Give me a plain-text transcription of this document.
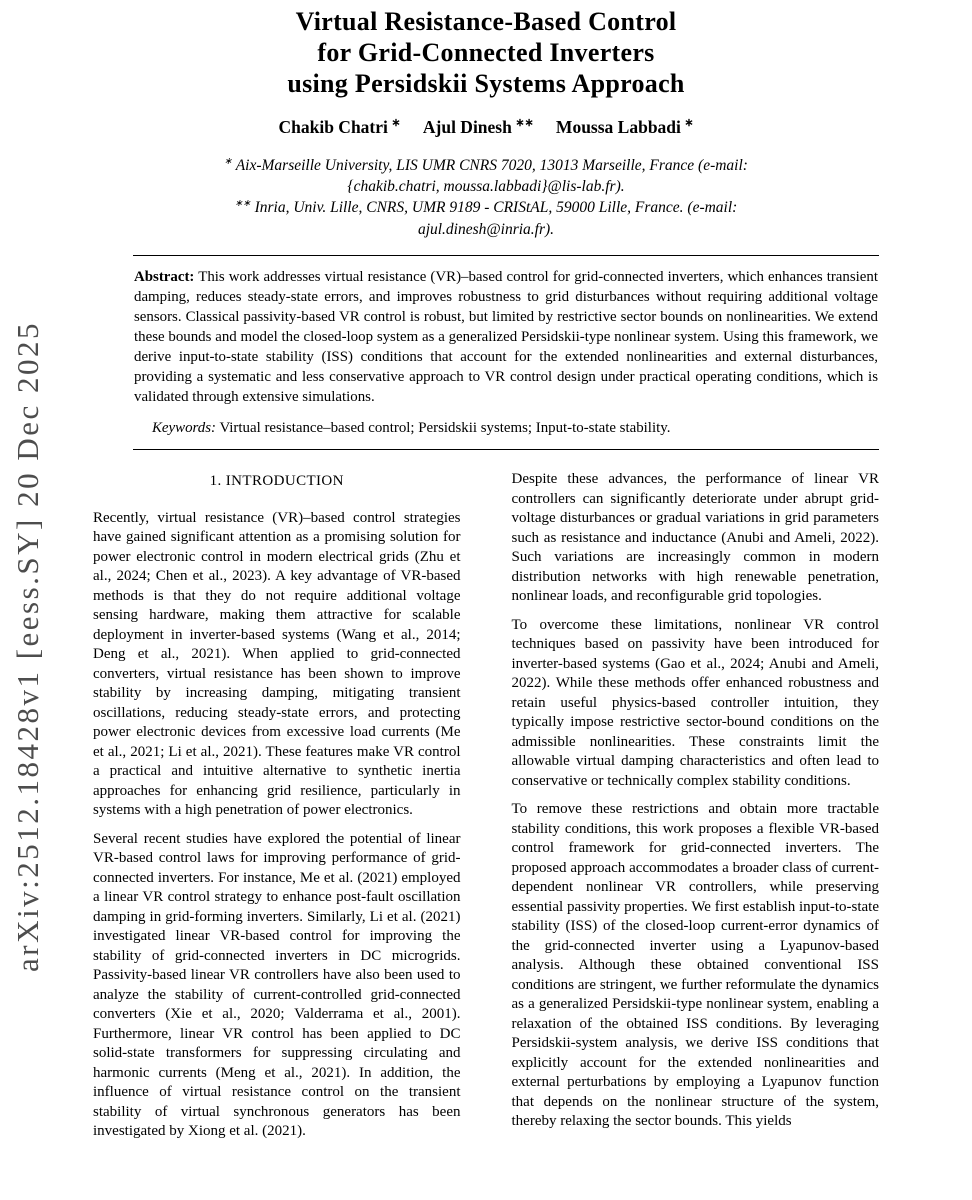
arXiv:2512.18428v1 [eess.SY] 20 Dec 2025
Virtual Resistance-Based Control
for Grid-Connected Inverters
using Persidskii Systems Approach
Chakib Chatri  ∗ Ajul Dinesh  ∗∗ Moussa Labbadi  ∗
∗ Aix-Marseille University, LIS UMR CNRS 7020, 13013 Marseille, France (e-mail: {chakib.chatri, moussa.labbadi}@lis-lab.fr).
∗∗ Inria, Univ. Lille, CNRS, UMR 9189 - CRIStAL, 59000 Lille, France. (e-mail: ajul.dinesh@inria.fr).

Abstract: This work addresses virtual resistance (VR)–based control for grid-connected inverters, which enhances transient damping, reduces steady-state errors, and improves robustness to grid disturbances without requiring additional voltage sensors. Classical passivity-based VR control is robust, but limited by restrictive sector bounds on nonlinearities. We extend these bounds and model the closed-loop system as a generalized Persidskii-type nonlinear system. Using this framework, we derive input-to-state stability (ISS) conditions that account for the extended nonlinearities and external disturbances, providing a systematic and less conservative approach to VR control design under practical operating conditions, which is validated through extensive simulations.

Keywords: Virtual resistance–based control; Persidskii systems; Input-to-state stability.

1. INTRODUCTION

Recently, virtual resistance (VR)–based control strategies have gained significant attention as a promising solution for power electronic control in modern electrical grids (Zhu et al., 2024; Chen et al., 2023). A key advantage of VR-based methods is that they do not require additional voltage sensing hardware, making them attractive for scalable deployment in inverter-based systems (Wang et al., 2014; Deng et al., 2021). When applied to grid-connected converters, virtual resistance has been shown to improve stability by increasing damping, mitigating transient oscillations, reducing steady-state errors, and protecting power electronic devices from excessive load currents (Me et al., 2021; Li et al., 2021). These features make VR control a practical and intuitive alternative to synthetic inertia approaches for enhancing grid resilience, particularly in systems with a high penetration of power electronics.

Several recent studies have explored the potential of linear VR-based control laws for improving performance of grid-connected inverters. For instance, Me et al. (2021) employed a linear VR control strategy to enhance post-fault oscillation damping in grid-forming inverters. Similarly, Li et al. (2021) investigated linear VR-based control for improving the stability of grid-connected inverters in DC microgrids. Passivity-based linear VR controllers have also been used to analyze the stability of current-controlled grid-connected converters (Xie et al., 2020; Valderrama et al., 2001). Furthermore, linear VR control has been applied to DC solid-state transformers for suppressing circulating and harmonic currents (Meng et al., 2021). In addition, the influence of virtual resistance control on the transient stability of virtual synchronous generators has been investigated by Xiong et al. (2021).

Despite these advances, the performance of linear VR controllers can significantly deteriorate under abrupt grid-voltage disturbances or gradual variations in grid parameters such as resistance and inductance (Anubi and Ameli, 2022). Such variations are increasingly common in modern distribution networks with high renewable penetration, nonlinear loads, and reconfigurable grid topologies.

To overcome these limitations, nonlinear VR control techniques based on passivity have been introduced for inverter-based systems (Gao et al., 2024; Anubi and Ameli, 2022). While these methods offer enhanced robustness and retain useful physics-based controller intuition, they typically impose restrictive sector-bound conditions on the admissible nonlinearities. These constraints limit the allowable virtual damping characteristics and often lead to conservative or technically complex stability conditions.

To remove these restrictions and obtain more tractable stability conditions, this work proposes a flexible VR-based control framework for grid-connected inverters. The proposed approach accommodates a broader class of current-dependent nonlinear VR controllers, while preserving essential passivity properties. We first establish input-to-state stability (ISS) of the closed-loop current-error dynamics of the grid-connected inverter using a Lyapunov-based analysis. Although these obtained conventional ISS conditions are stringent, we further reformulate the dynamics as a generalized Persidskii-type nonlinear system, enabling a relaxation of the obtained ISS conditions. By leveraging Persidskii-system analysis, we derive ISS conditions that explicitly account for the extended nonlinearities and external perturbations by employing a Lyapunov function that depends on the nonlinear structure of the system, thereby relaxing the sector bounds. This yields
